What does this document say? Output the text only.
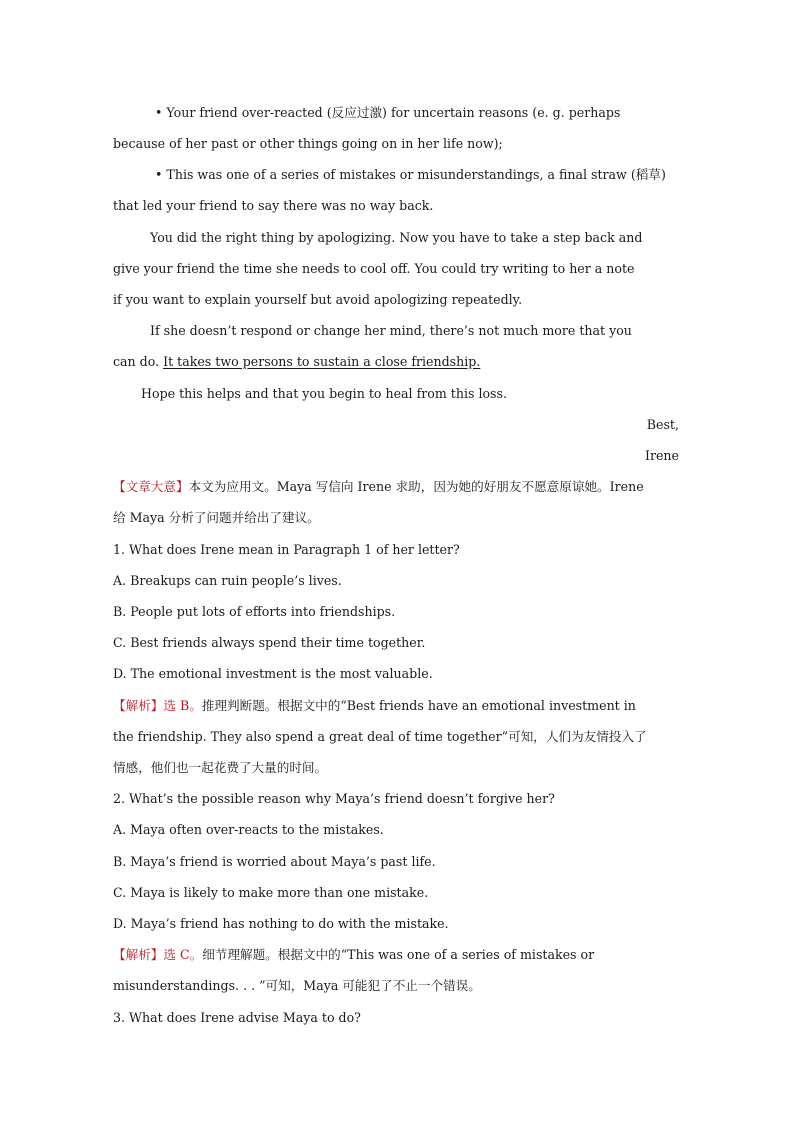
• Your friend over-reacted (反应过激) for uncertain reasons (e. g. perhaps
because of her past or other things going on in her life now);
• This was one of a series of mistakes or misunderstandings, a final straw (稻草)
that led your friend to say there was no way back.
You did the right thing by apologizing. Now you have to take a step back and
give your friend the time she needs to cool off. You could try writing to her a note
if you want to explain yourself but avoid apologizing repeatedly.
If she doesn’t respond or change her mind, there’s not much more that you
can do. It takes two persons to sustain a close friendship.
Hope this helps and that you begin to heal from this loss.
Best,
Irene
【文章大意】本文为应用文。Maya 写信向 Irene 求助，因为她的好朋友不愿意原谅她。Irene
给 Maya 分析了问题并给出了建议。
1. What does Irene mean in Paragraph 1 of her letter?
A. Breakups can ruin people’s lives.
B. People put lots of efforts into friendships.
C. Best friends always spend their time together.
D. The emotional investment is the most valuable.
【解析】选 B。推理判断题。根据文中的“Best friends have an emotional investment in
the friendship. They also spend a great deal of time together”可知，人们为友情投入了
情感，他们也一起花费了大量的时间。
2. What’s the possible reason why Maya’s friend doesn’t forgive her?
A. Maya often over-reacts to the mistakes.
B. Maya’s friend is worried about Maya’s past life.
C. Maya is likely to make more than one mistake.
D. Maya’s friend has nothing to do with the mistake.
【解析】选 C。细节理解题。根据文中的“This was one of a series of mistakes or
misunderstandings. . . ”可知，Maya 可能犯了不止一个错误。
3. What does Irene advise Maya to do?
